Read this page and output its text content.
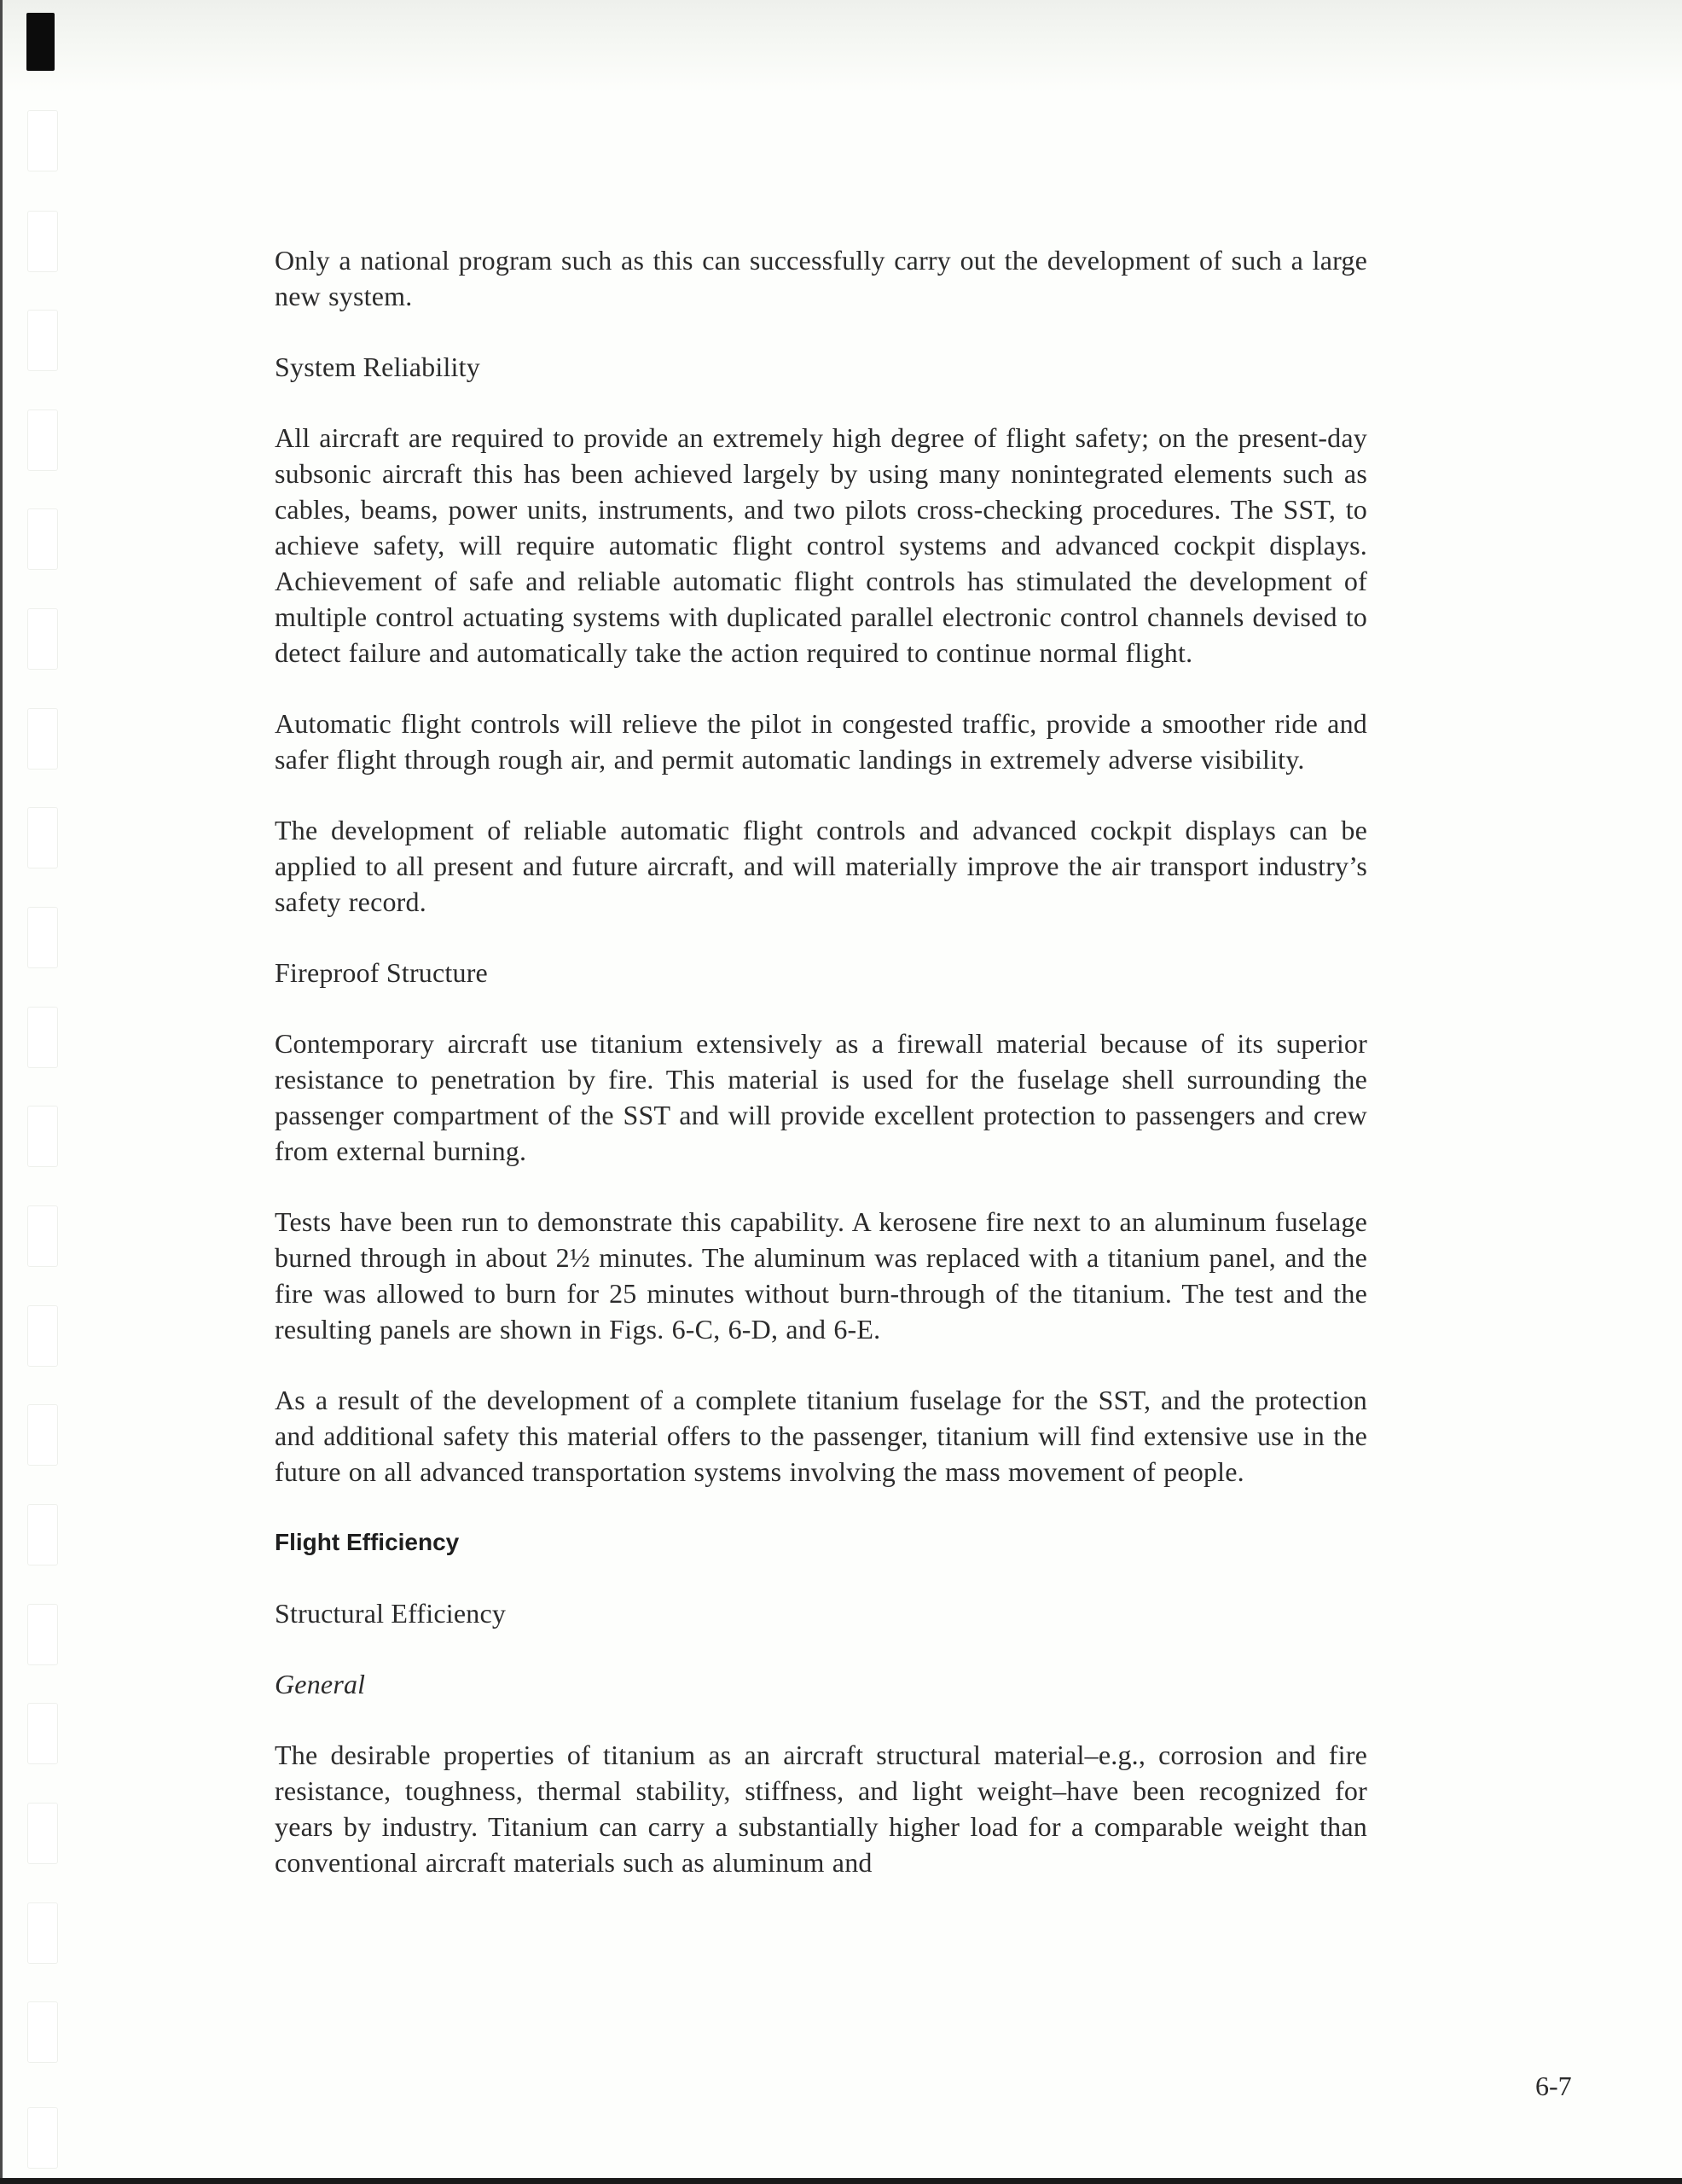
Only a national program such as this can successfully carry out the development of such a large new system.

System Reliability

All aircraft are required to provide an extremely high degree of flight safety; on the present-day subsonic aircraft this has been achieved largely by using many nonintegrated elements such as cables, beams, power units, instruments, and two pilots cross-checking procedures. The SST, to achieve safety, will require automatic flight control systems and advanced cockpit displays. Achievement of safe and reliable automatic flight controls has stimulated the development of multiple control actuating systems with duplicated parallel electronic control channels devised to detect failure and automatically take the action required to continue normal flight.

Automatic flight controls will relieve the pilot in congested traffic, provide a smoother ride and safer flight through rough air, and permit automatic landings in extremely adverse visibility.

The development of reliable automatic flight controls and advanced cockpit displays can be applied to all present and future aircraft, and will materially improve the air transport industry’s safety record.

Fireproof Structure

Contemporary aircraft use titanium extensively as a firewall material because of its superior resistance to penetration by fire. This material is used for the fuselage shell surrounding the passenger compartment of the SST and will provide excellent protection to passengers and crew from external burning.

Tests have been run to demonstrate this capability. A kerosene fire next to an aluminum fuselage burned through in about 2½ minutes. The aluminum was replaced with a titanium panel, and the fire was allowed to burn for 25 minutes without burn-through of the titanium. The test and the resulting panels are shown in Figs. 6-C, 6-D, and 6-E.

As a result of the development of a complete titanium fuselage for the SST, and the protection and additional safety this material offers to the passenger, titanium will find extensive use in the future on all advanced transportation systems involving the mass movement of people.

Flight Efficiency

Structural Efficiency

General

The desirable properties of titanium as an aircraft structural material–e.g., corrosion and fire resistance, toughness, thermal stability, stiffness, and light weight–have been recognized for years by industry. Titanium can carry a substantially higher load for a comparable weight than conventional aircraft materials such as aluminum and

6-7
